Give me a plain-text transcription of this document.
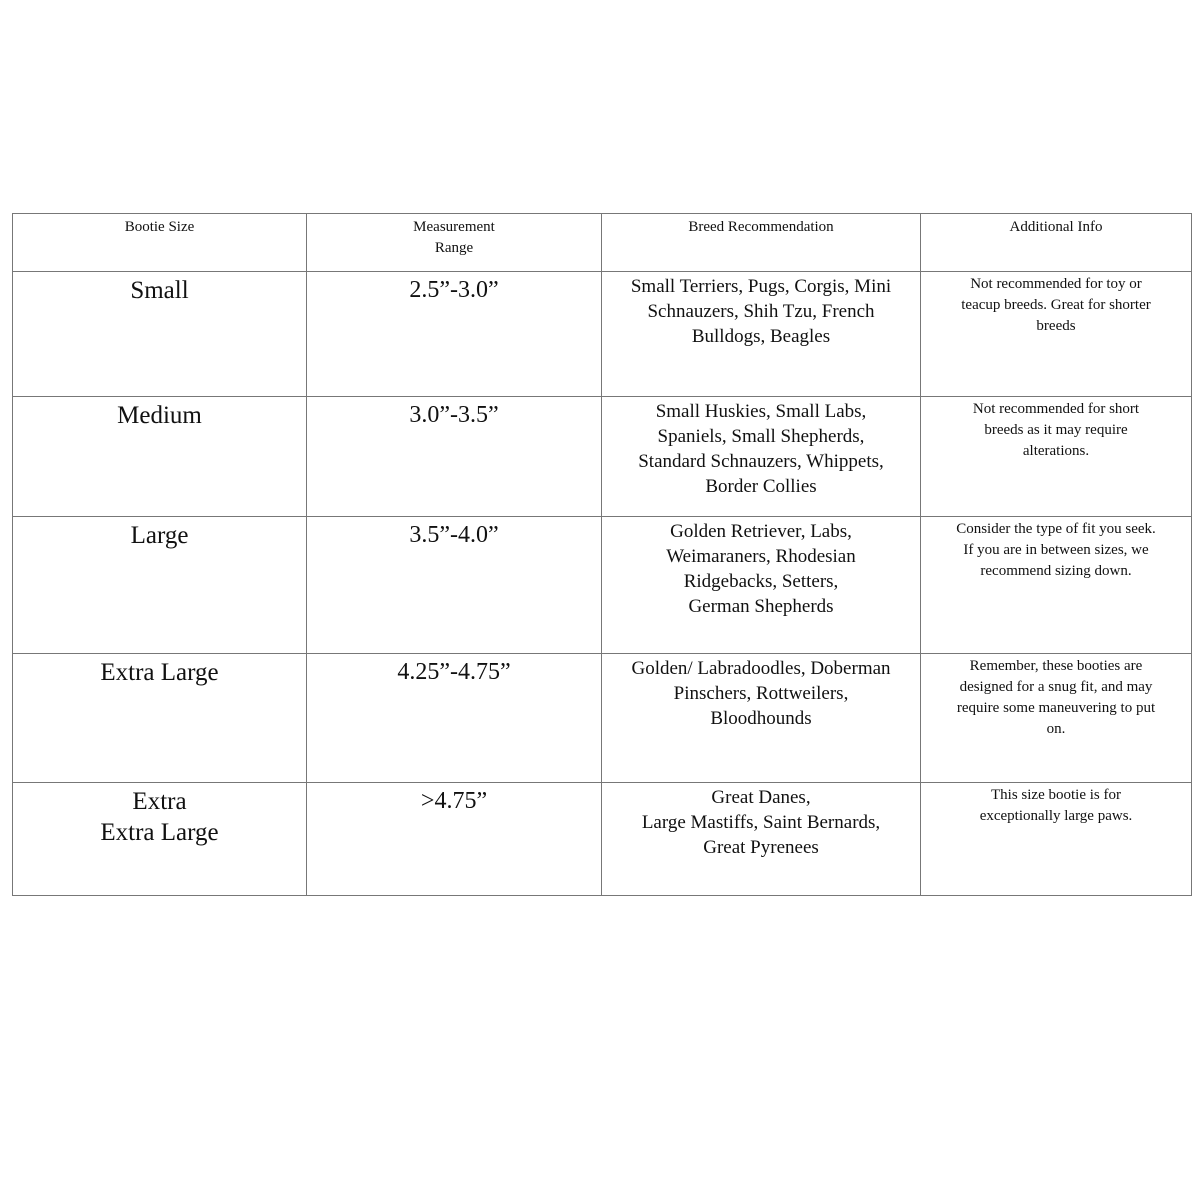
Bootie Size	Measurement
Range	Breed Recommendation	Additional Info
Small	2.5”-3.0”	Small Terriers, Pugs, Corgis, Mini
Schnauzers, Shih Tzu, French
Bulldogs, Beagles	Not recommended for toy or
teacup breeds. Great for shorter
breeds
Medium	3.0”-3.5”	Small Huskies, Small Labs,
Spaniels, Small Shepherds,
Standard Schnauzers, Whippets,
Border Collies	Not recommended for short
breeds as it may require
alterations.
Large	3.5”-4.0”	Golden Retriever, Labs,
Weimaraners, Rhodesian
Ridgebacks, Setters,
German Shepherds	Consider the type of fit you seek.
If you are in between sizes, we
recommend sizing down.
Extra Large	4.25”-4.75”	Golden/ Labradoodles, Doberman
Pinschers, Rottweilers,
Bloodhounds	Remember, these booties are
designed for a snug fit, and may
require some maneuvering to put
on.
Extra
Extra Large	>4.75”	Great Danes,
Large Mastiffs, Saint Bernards,
Great Pyrenees	This size bootie is for
exceptionally large paws.
